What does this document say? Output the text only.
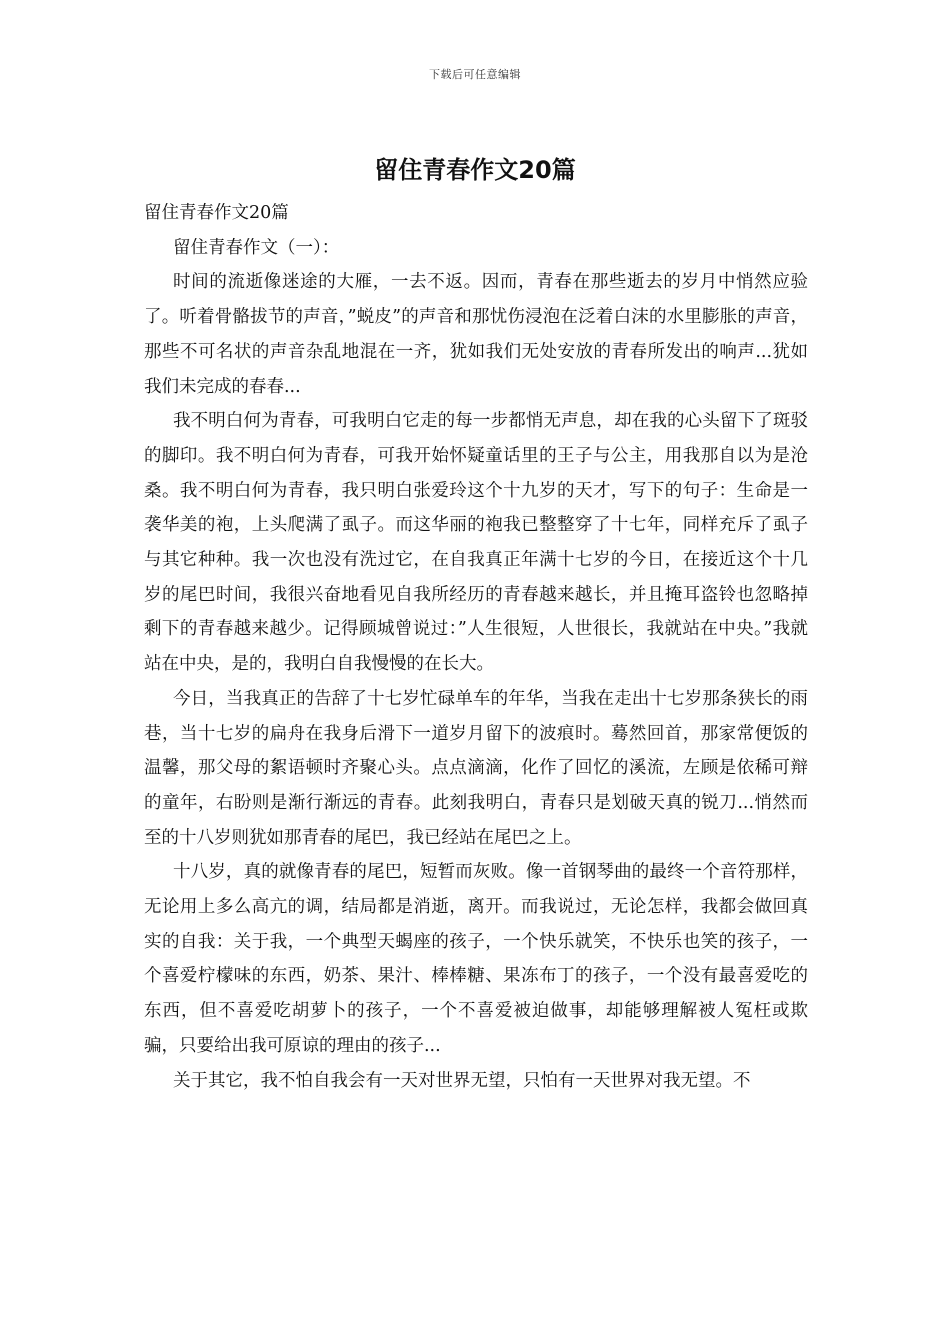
下载后可任意编辑
留住青春作文20篇

留住青春作文20篇

留住青春作文（一）：

时间的流逝像迷途的大雁，一去不返。因而，青春在那些逝去的岁月中悄然应验了。听着骨骼拔节的声音，”蜕皮”的声音和那忧伤浸泡在泛着白沫的水里膨胀的声音，那些不可名状的声音杂乱地混在一齐，犹如我们无处安放的青春所发出的响声...犹如我们未完成的春春...

我不明白何为青春，可我明白它走的每一步都悄无声息，却在我的心头留下了斑驳的脚印。我不明白何为青春，可我开始怀疑童话里的王子与公主，用我那自以为是沧桑。我不明白何为青春，我只明白张爱玲这个十九岁的天才，写下的句子：生命是一袭华美的袍，上头爬满了虱子。而这华丽的袍我已整整穿了十七年，同样充斥了虱子与其它种种。我一次也没有洗过它，在自我真正年满十七岁的今日，在接近这个十几岁的尾巴时间，我很兴奋地看见自我所经历的青春越来越长，并且掩耳盗铃也忽略掉剩下的青春越来越少。记得顾城曾说过：”人生很短，人世很长，我就站在中央。”我就站在中央，是的，我明白自我慢慢的在长大。

今日，当我真正的告辞了十七岁忙碌单车的年华，当我在走出十七岁那条狭长的雨巷，当十七岁的扁舟在我身后滑下一道岁月留下的波痕时。蓦然回首，那家常便饭的温馨，那父母的絮语顿时齐聚心头。点点滴滴，化作了回忆的溪流，左顾是依稀可辩的童年，右盼则是渐行渐远的青春。此刻我明白，青春只是划破天真的锐刀...悄然而至的十八岁则犹如那青春的尾巴，我已经站在尾巴之上。

十八岁，真的就像青春的尾巴，短暂而灰败。像一首钢琴曲的最终一个音符那样，无论用上多么高亢的调，结局都是消逝，离开。而我说过，无论怎样，我都会做回真实的自我：关于我，一个典型天蝎座的孩子，一个快乐就笑，不快乐也笑的孩子，一个喜爱柠檬味的东西，奶茶、果汁、棒棒糖、果冻布丁的孩子，一个没有最喜爱吃的东西，但不喜爱吃胡萝卜的孩子，一个不喜爱被迫做事，却能够理解被人冤枉或欺骗，只要给出我可原谅的理由的孩子...

关于其它，我不怕自我会有一天对世界无望，只怕有一天世界对我无望。不
